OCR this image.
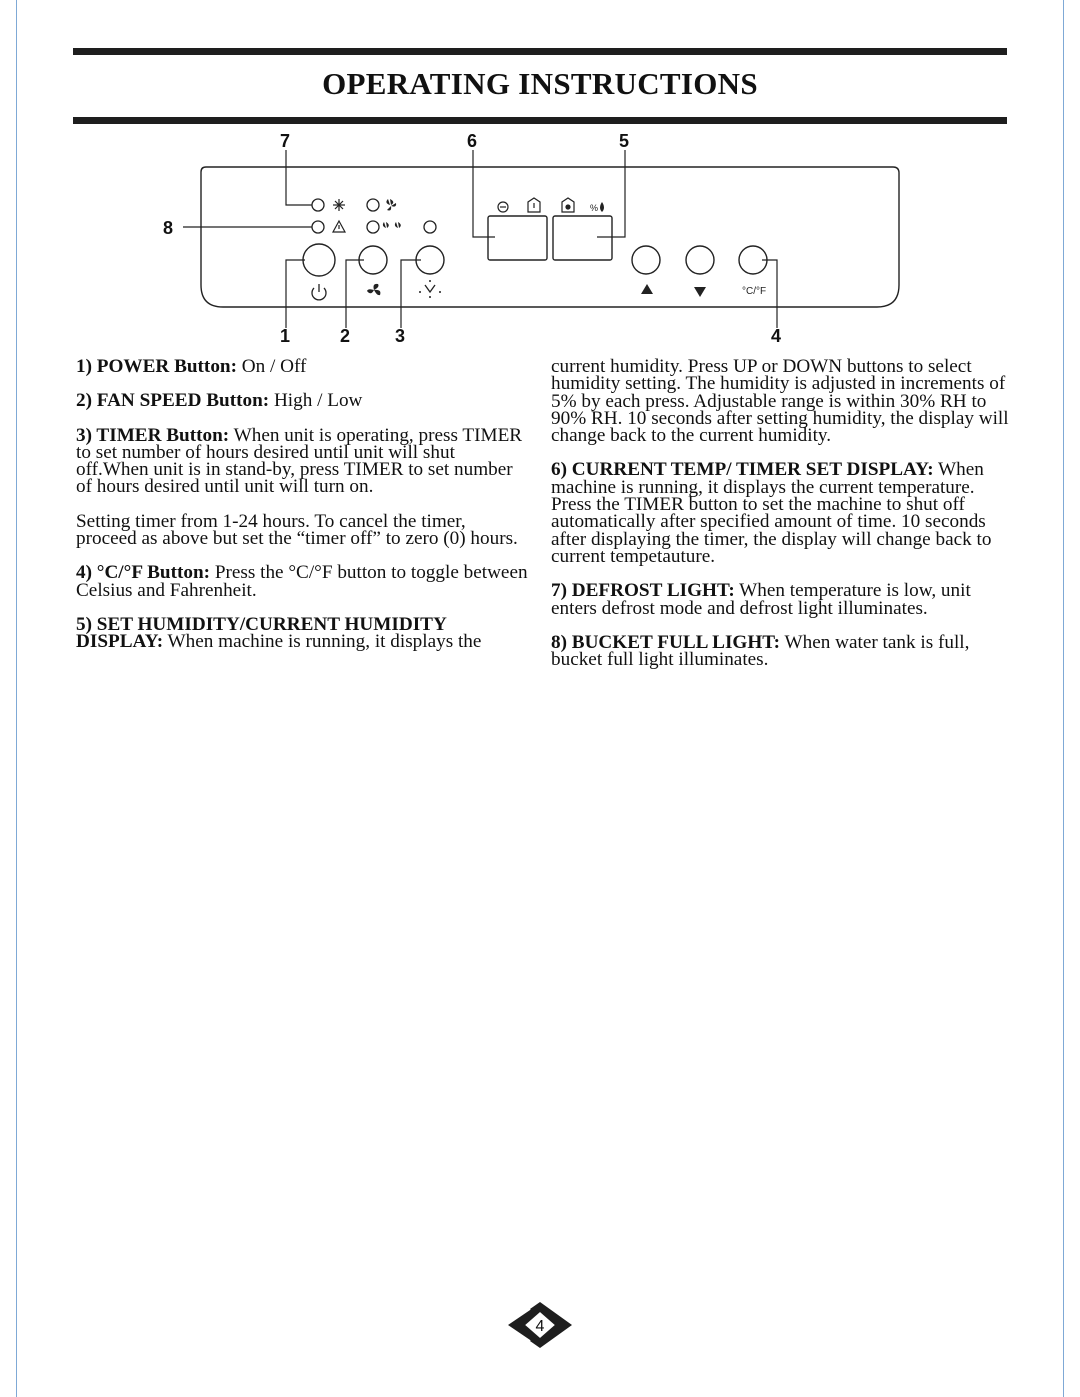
OPERATING INSTRUCTIONS
%
°C/°F
7	6	5
8
1	2 3	4

1) POWER Button: On / Off

2) FAN SPEED Button: High / Low

3) TIMER Button: When unit is operating, press TIMER to set number of hours desired until unit will shut off.When unit is in stand-by, press TIMER to set number of hours desired until unit will turn on.

Setting timer from 1-24 hours. To cancel the timer, proceed as above but set the “timer off” to zero (0) hours.

4) °C/°F Button: Press the °C/°F button to toggle between Celsius and Fahrenheit.

5) SET HUMIDITY/CURRENT HUMIDITY DISPLAY: When machine is running, it displays the

current humidity. Press UP or DOWN buttons to select humidity setting. The humidity is adjusted in increments of 5% by each press. Adjustable range is within 30% RH to 90% RH. 10 seconds after setting humidity, the display will change back to the current humidity.

6) CURRENT TEMP/ TIMER SET DISPLAY: When machine is running, it displays the current temperature. Press the TIMER button to set the machine to shut off automatically after specified amount of time. 10 seconds after displaying the timer, the display will change back to current tempetauture.

7) DEFROST LIGHT: When temperature is low, unit enters defrost mode and defrost light illuminates.

8) BUCKET FULL LIGHT: When water tank is full, bucket full light illuminates.

4
